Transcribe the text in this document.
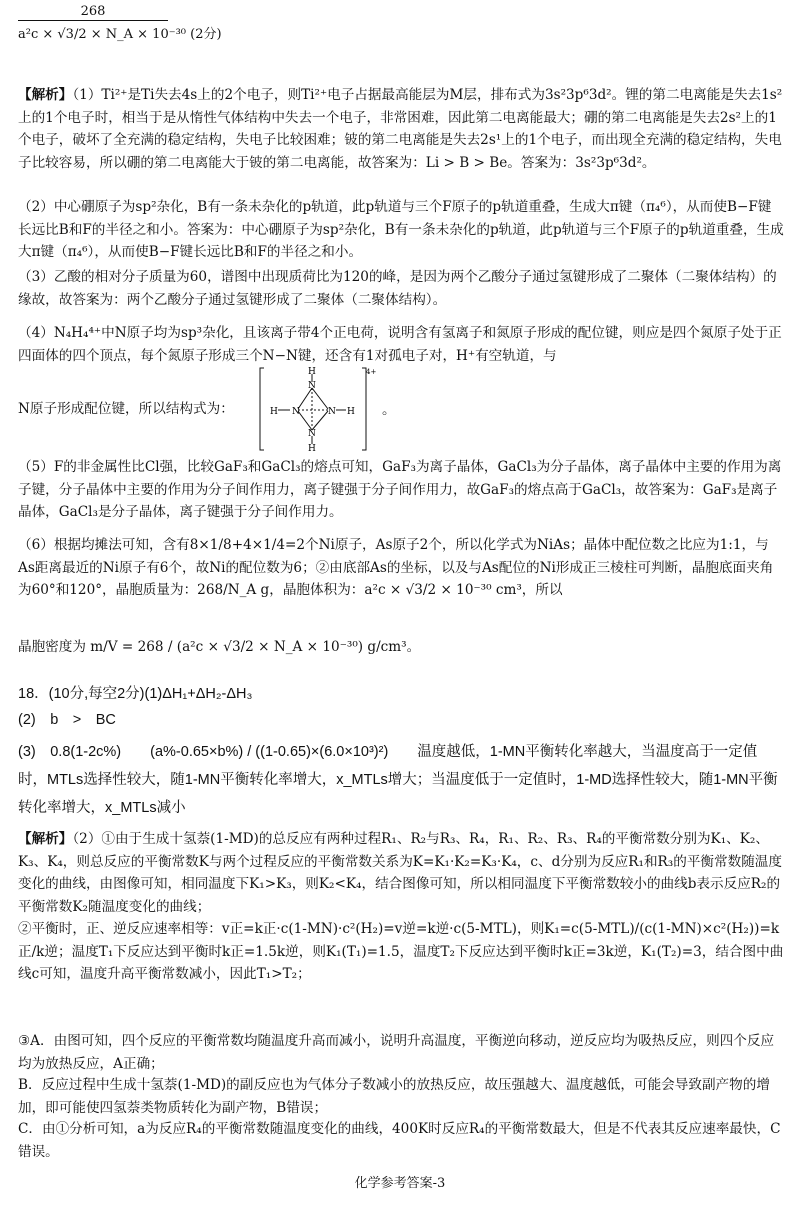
268
a²c × √3/2 × N_A × 10⁻³⁰ (2分)
【解析】（1）Ti²⁺是Ti失去4s上的2个电子，则Ti²⁺电子占据最高能层为M层，排布式为3s²3p⁶3d²。锂的第二电离能是失去1s²上的1个电子时，相当于是从惰性气体结构中失去一个电子，非常困难，因此第二电离能最大；硼的第二电离能是失去2s²上的1个电子，破坏了全充满的稳定结构，失电子比较困难；铍的第二电离能是失去2s¹上的1个电子，而出现全充满的稳定结构，失电子比较容易，所以硼的第二电离能大于铍的第二电离能，故答案为：Li > B > Be。答案为：3s²3p⁶3d²。
（2）中心硼原子为sp²杂化，B有一条未杂化的p轨道，此p轨道与三个F原子的p轨道重叠，生成大π键（π₄⁶），从而使B−F键长远比B和F的半径之和小。答案为：中心硼原子为sp²杂化，B有一条未杂化的p轨道，此p轨道与三个F原子的p轨道重叠，生成大π键（π₄⁶），从而使B−F键长远比B和F的半径之和小。
（3）乙酸的相对分子质量为60，谱图中出现质荷比为120的峰，是因为两个乙酸分子通过氢键形成了二聚体（二聚体结构）的缘故，故答案为：两个乙酸分子通过氢键形成了二聚体（二聚体结构）。
（4）N₄H₄⁴⁺中N原子均为sp³杂化，且该离子带4个正电荷，说明含有氢离子和氮原子形成的配位键，则应是四个氮原子处于正四面体的四个顶点，每个氮原子形成三个N−N键，还含有1对孤电子对，H⁺有空轨道，与
N原子形成配位键，所以结构式为：
H
N
N	N
N
H	H
H
4+
。
（5）F的非金属性比Cl强，比较GaF₃和GaCl₃的熔点可知，GaF₃为离子晶体，GaCl₃为分子晶体，离子晶体中主要的作用为离子键，分子晶体中主要的作用为分子间作用力，离子键强于分子间作用力，故GaF₃的熔点高于GaCl₃，故答案为：GaF₃是离子晶体，GaCl₃是分子晶体，离子键强于分子间作用力。
（6）根据均摊法可知，含有8×1/8+4×1/4=2个Ni原子，As原子2个，所以化学式为NiAs；晶体中配位数之比应为1:1，与As距离最近的Ni原子有6个，故Ni的配位数为6；②由底部As的坐标，以及与As配位的Ni形成正三棱柱可判断，晶胞底面夹角为60°和120°，晶胞质量为：268/N_A g，晶胞体积为：a²c × √3/2 × 10⁻³⁰ cm³，所以
晶胞密度为 m/V = 268 / (a²c × √3/2 × N_A × 10⁻³⁰) g/cm³。
18．(10分,每空2分)(1)ΔH₁+ΔH₂-ΔH₃
(2)　b　>　BC
(3)　0.8(1-2c%)　　(a%-0.65×b%) / ((1-0.65)×(6.0×10³)²)　　温度越低，1-MN平衡转化率越大，当温度高于一定值时，MTLs选择性较大，随1-MN平衡转化率增大，x_MTLs增大；当温度低于一定值时，1-MD选择性较大，随1-MN平衡转化率增大，x_MTLs减小
【解析】（2）①由于生成十氢萘(1-MD)的总反应有两种过程R₁、R₂与R₃、R₄，R₁、R₂、R₃、R₄的平衡常数分别为K₁、K₂、K₃、K₄，则总反应的平衡常数K与两个过程反应的平衡常数关系为K=K₁·K₂=K₃·K₄，c、d分别为反应R₁和R₃的平衡常数随温度变化的曲线，由图像可知，相同温度下K₁>K₃，则K₂<K₄，结合图像可知，所以相同温度下平衡常数较小的曲线b表示反应R₂的平衡常数K₂随温度变化的曲线；
②平衡时，正、逆反应速率相等：v正=k正·c(1-MN)·c²(H₂)=v逆=k逆·c(5-MTL)，则K₁=c(5-MTL)/(c(1-MN)×c²(H₂))=k正/k逆；温度T₁下反应达到平衡时k正=1.5k逆，则K₁(T₁)=1.5，温度T₂下反应达到平衡时k正=3k逆，K₁(T₂)=3，结合图中曲线c可知，温度升高平衡常数减小，因此T₁>T₂；
③A．由图可知，四个反应的平衡常数均随温度升高而减小，说明升高温度，平衡逆向移动，逆反应均为吸热反应，则四个反应均为放热反应，A正确；
B．反应过程中生成十氢萘(1-MD)的副反应也为气体分子数减小的放热反应，故压强越大、温度越低，可能会导致副产物的增加，即可能使四氢萘类物质转化为副产物，B错误；
C．由①分析可知，a为反应R₄的平衡常数随温度变化的曲线，400K时反应R₄的平衡常数最大，但是不代表其反应速率最快，C错误。
化学参考答案-3
